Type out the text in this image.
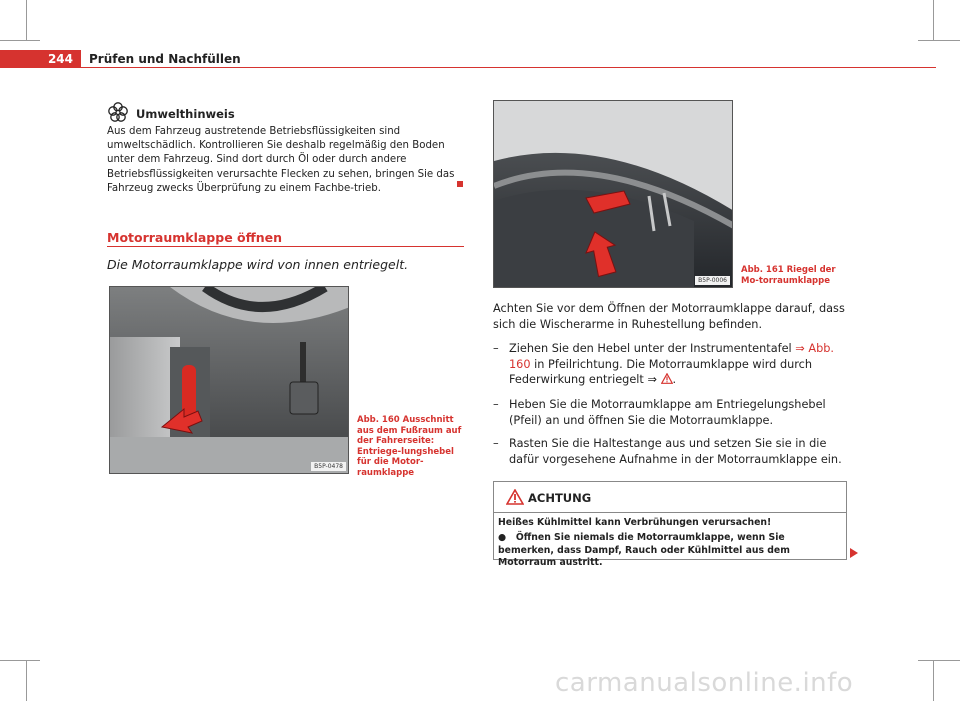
244	Prüfen und Nachfüllen
Umwelthinweis
Aus dem Fahrzeug austretende Betriebsflüssigkeiten sind umweltschädlich. Kontrollieren Sie deshalb regelmäßig den Boden unter dem Fahrzeug. Sind dort durch Öl oder durch andere Betriebsflüssigkeiten verursachte Flecken zu sehen, bringen Sie das Fahrzeug zwecks Überprüfung zu einem Fachbe-trieb.
Motorraumklappe öffnen
Die Motorraumklappe wird von innen entriegelt.
B5P-0478
Abb. 160 Ausschnitt aus dem Fußraum auf der Fahrerseite: Entriege-lungshebel für die Motor-raumklappe
B5P-0006
Abb. 161 Riegel der Mo-torraumklappe
Achten Sie vor dem Öffnen der Motorraumklappe darauf, dass sich die Wischerarme in Ruhestellung befinden.
– Ziehen Sie den Hebel unter der Instrumententafel ⇒ Abb. 160 in Pfeilrichtung. Die Motorraumklappe wird durch Federwirkung entriegelt ⇒ .
– Heben Sie die Motorraumklappe am Entriegelungshebel (Pfeil) an und öffnen Sie die Motorraumklappe.
– Rasten Sie die Haltestange aus und setzen Sie sie in die dafür vorgesehene Aufnahme in der Motorraumklappe ein.
ACHTUNG
Heißes Kühlmittel kann Verbrühungen verursachen!
● Öffnen Sie niemals die Motorraumklappe, wenn Sie bemerken, dass Dampf, Rauch oder Kühlmittel aus dem Motorraum austritt.
carmanualsonline.info
